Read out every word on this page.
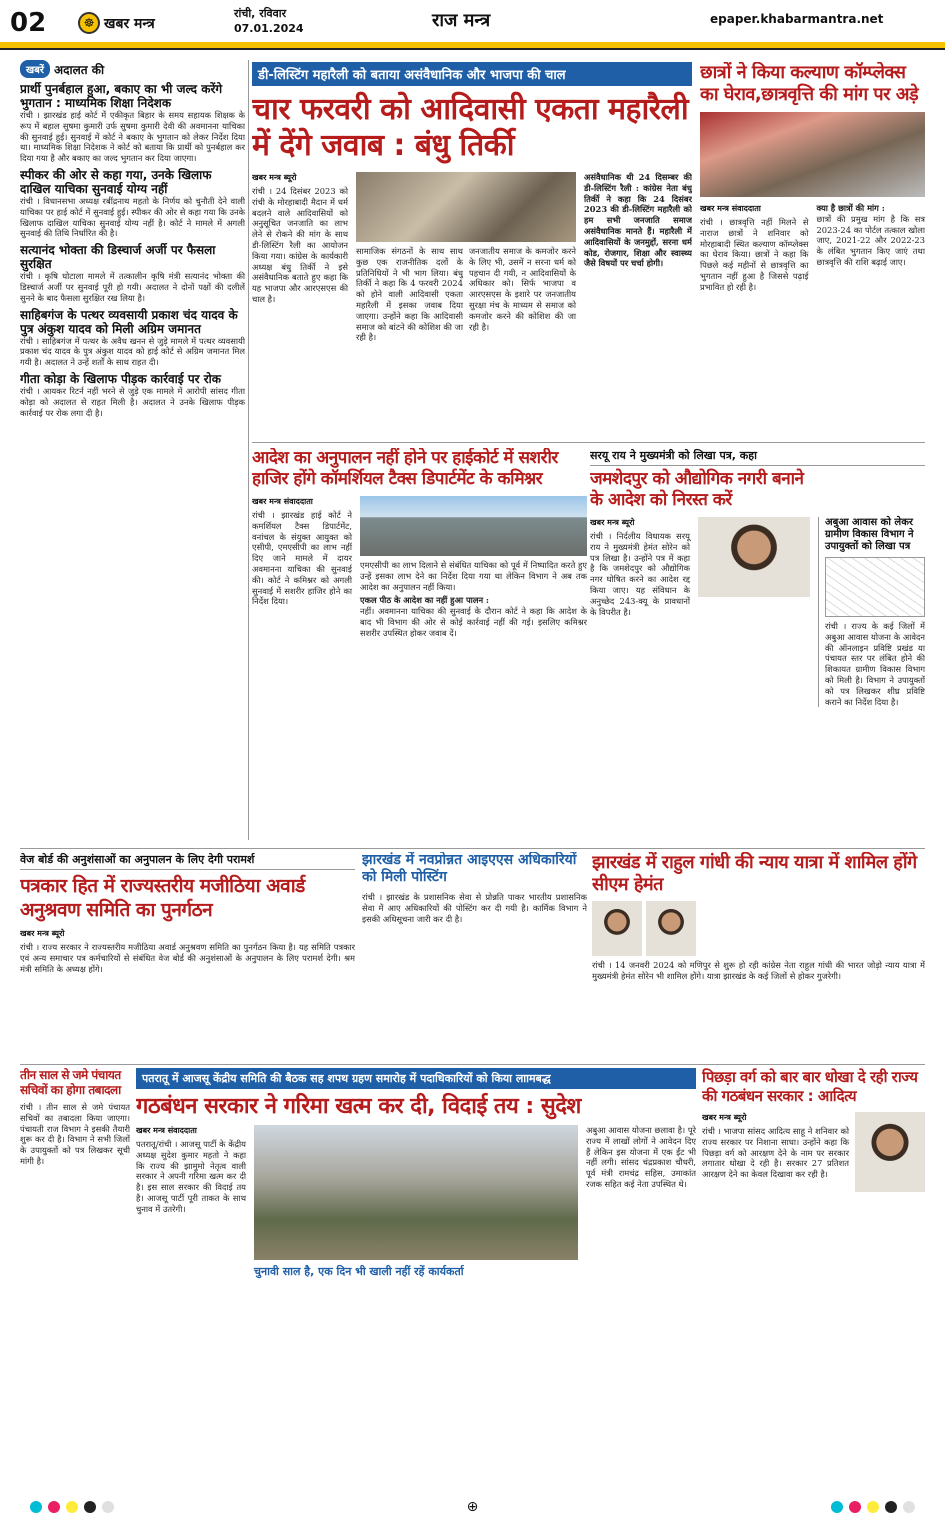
02	☸ खबर मन्त्र
रांची, रविवार
07.01.2024	राज मन्त्र	epaper.khabarmantra.net
खबरें अदालत की
प्रार्थी पुनर्बहाल हुआ, बकाए का भी जल्द करेंगे भुगतान : माध्यमिक शिक्षा निदेशक
रांची । झारखंड हाई कोर्ट में एकीकृत बिहार के समय सहायक शिक्षक के रूप में बहाल सुषमा कुमारी उर्फ सुषमा कुमारी देवी की अवमानना याचिका की सुनवाई हुई। सुनवाई में कोर्ट ने बकाए के भुगतान को लेकर निर्देश दिया था। माध्यमिक शिक्षा निदेशक ने कोर्ट को बताया कि प्रार्थी को पुनर्बहाल कर दिया गया है और बकाए का जल्द भुगतान कर दिया जाएगा।
स्पीकर की ओर से कहा गया, उनके खिलाफ दाखिल याचिका सुनवाई योग्य नहीं
रांची । विधानसभा अध्यक्ष रबींद्रनाथ महतो के निर्णय को चुनौती देने वाली याचिका पर हाई कोर्ट में सुनवाई हुई। स्पीकर की ओर से कहा गया कि उनके खिलाफ दाखिल याचिका सुनवाई योग्य नहीं है। कोर्ट ने मामले में अगली सुनवाई की तिथि निर्धारित की है।
सत्यानंद भोक्ता की डिस्चार्ज अर्जी पर फैसला सुरक्षित
रांची । कृषि घोटाला मामले में तत्कालीन कृषि मंत्री सत्यानंद भोक्ता की डिस्चार्ज अर्जी पर सुनवाई पूरी हो गयी। अदालत ने दोनों पक्षों की दलीलें सुनने के बाद फैसला सुरक्षित रख लिया है।
साहिबगंज के पत्थर व्यवसायी प्रकाश चंद यादव के पुत्र अंकुश यादव को मिली अग्रिम जमानत
रांची । साहिबगंज में पत्थर के अवैध खनन से जुड़े मामले में पत्थर व्यवसायी प्रकाश चंद यादव के पुत्र अंकुश यादव को हाई कोर्ट से अग्रिम जमानत मिल गयी है। अदालत ने उन्हें शर्तों के साथ राहत दी।
गीता कोड़ा के खिलाफ पीड़क कार्रवाई पर रोक
रांची । आयकर रिटर्न नहीं भरने से जुड़े एक मामले में आरोपी सांसद गीता कोड़ा को अदालत से राहत मिली है। अदालत ने उनके खिलाफ पीड़क कार्रवाई पर रोक लगा दी है।
डी-लिस्टिंग महारैली को बताया असंवैधानिक और भाजपा की चाल
चार फरवरी को आदिवासी एकता महारैली में देंगे जवाब : बंधु तिर्की
खबर मन्त्र ब्यूरो
रांची । 24 दिसंबर 2023 को रांची के मोरहाबादी मैदान में धर्म बदलने वाले आदिवासियों को अनुसूचित जनजाति का लाभ लेने से रोकने की मांग के साथ डी-लिस्टिंग रैली का आयोजन किया गया। कांग्रेस के कार्यकारी अध्यक्ष बंधु तिर्की ने इसे असंवैधानिक बताते हुए कहा कि यह भाजपा और आरएसएस की चाल है।
सामाजिक संगठनों के साथ साथ कुछ एक राजनीतिक दलों के प्रतिनिधियों ने भी भाग लिया। बंधु तिर्की ने कहा कि 4 फरवरी 2024 को होने वाली आदिवासी एकता महारैली में इसका जवाब दिया जाएगा। उन्होंने कहा कि आदिवासी समाज को बांटने की कोशिश की जा रही है।
जनजातीय समाज के कमजोर करने के लिए भी, उसमें न सरना धर्म को पहचान दी गयी, न आदिवासियों के अधिकार को। सिर्फ भाजपा व आरएसएस के इशारे पर जनजातीय सुरक्षा मंच के माध्यम से समाज को कमजोर करने की कोशिश की जा रही है।
असंवैधानिक थी 24 दिसम्बर की डी-लिस्टिंग रैली : कांग्रेस नेता बंधु तिर्की ने कहा कि 24 दिसंबर 2023 की डी-लिस्टिंग महारैली को हम सभी जनजाति समाज असंवैधानिक मानते हैं। महारैली में आदिवासियों के जनमुद्दों, सरना धर्म कोड, रोजगार, शिक्षा और स्वास्थ्य जैसे विषयों पर चर्चा होगी।
छात्रों ने किया कल्याण कॉम्प्लेक्स का घेराव,छात्रवृत्ति की मांग पर अड़े
खबर मन्त्र संवाददाता
रांची । छात्रवृत्ति नहीं मिलने से नाराज छात्रों ने शनिवार को मोरहाबादी स्थित कल्याण कॉम्प्लेक्स का घेराव किया। छात्रों ने कहा कि पिछले कई महीनों से छात्रवृत्ति का भुगतान नहीं हुआ है जिससे पढ़ाई प्रभावित हो रही है।
क्या है छात्रों की मांग :
छात्रों की प्रमुख मांग है कि सत्र 2023-24 का पोर्टल तत्काल खोला जाए, 2021-22 और 2022-23 के लंबित भुगतान किए जाएं तथा छात्रवृत्ति की राशि बढ़ाई जाए।
आदेश का अनुपालन नहीं होने पर हाईकोर्ट में सशरीर हाजिर होंगे कॉमर्शियल टैक्स डिपार्टमेंट के कमिश्नर
खबर मन्त्र संवाददाता
रांची । झारखंड हाई कोर्ट ने कमर्शियल टैक्स डिपार्टमेंट, वनांचल के संयुक्त आयुक्त को एसीपी, एमएसीपी का लाभ नहीं दिए जाने मामले में दायर अवमानना याचिका की सुनवाई की। कोर्ट ने कमिश्नर को अगली सुनवाई में सशरीर हाजिर होने का निर्देश दिया।
एमएसीपी का लाभ दिलाने से संबंधित याचिका को पूर्व में निष्पादित करते हुए उन्हें इसका लाभ देने का निर्देश दिया गया था लेकिन विभाग ने अब तक आदेश का अनुपालन नहीं किया।
एकल पीठ के आदेश का नहीं हुआ पालन :
नहीं। अवमानना याचिका की सुनवाई के दौरान कोर्ट ने कहा कि आदेश के बाद भी विभाग की ओर से कोई कार्रवाई नहीं की गई। इसलिए कमिश्नर सशरीर उपस्थित होकर जवाब दें।
सरयू राय ने मुख्यमंत्री को लिखा पत्र, कहा
जमशेदपुर को औद्योगिक नगरी बनाने के आदेश को निरस्त करें
खबर मन्त्र ब्यूरो
रांची । निर्दलीय विधायक सरयू राय ने मुख्यमंत्री हेमंत सोरेन को पत्र लिखा है। उन्होंने पत्र में कहा है कि जमशेदपुर को औद्योगिक नगर घोषित करने का आदेश रद्द किया जाए। यह संविधान के अनुच्छेद 243-क्यू के प्रावधानों के विपरीत है।
अबुआ आवास को लेकर ग्रामीण विकास विभाग ने उपायुक्तों को लिखा पत्र
रांची । राज्य के कई जिलों में अबुआ आवास योजना के आवेदन की ऑनलाइन प्रविष्टि प्रखंड या पंचायत स्तर पर लंबित होने की शिकायत ग्रामीण विकास विभाग को मिली है। विभाग ने उपायुक्तों को पत्र लिखकर शीघ्र प्रविष्टि कराने का निर्देश दिया है।
वेज बोर्ड की अनुशंसाओं का अनुपालन के लिए देगी परामर्श
पत्रकार हित में राज्यस्तरीय मजीठिया अवार्ड अनुश्रवण समिति का पुनर्गठन
खबर मन्त्र ब्यूरो
रांची । राज्य सरकार ने राज्यस्तरीय मजीठिया अवार्ड अनुश्रवण समिति का पुनर्गठन किया है। यह समिति पत्रकार एवं अन्य समाचार पत्र कर्मचारियों से संबंधित वेज बोर्ड की अनुशंसाओं के अनुपालन के लिए परामर्श देगी। श्रम मंत्री समिति के अध्यक्ष होंगे।
झारखंड में नवप्रोन्नत आइएएस अधिकारियों को मिली पोस्टिंग
रांची । झारखंड के प्रशासनिक सेवा से प्रोन्नति पाकर भारतीय प्रशासनिक सेवा में आए अधिकारियों की पोस्टिंग कर दी गयी है। कार्मिक विभाग ने इसकी अधिसूचना जारी कर दी है।
झारखंड में राहुल गांधी की न्याय यात्रा में शामिल होंगे सीएम हेमंत
रांची । 14 जनवरी 2024 को मणिपुर से शुरू हो रही कांग्रेस नेता राहुल गांधी की भारत जोड़ो न्याय यात्रा में मुख्यमंत्री हेमंत सोरेन भी शामिल होंगे। यात्रा झारखंड के कई जिलों से होकर गुजरेगी।
तीन साल से जमे पंचायत सचिवों का होगा तबादला
रांची । तीन साल से जमे पंचायत सचिवों का तबादला किया जाएगा। पंचायती राज विभाग ने इसकी तैयारी शुरू कर दी है। विभाग ने सभी जिलों के उपायुक्तों को पत्र लिखकर सूची मांगी है।
पतरातू में आजसू केंद्रीय समिति की बैठक सह शपथ ग्रहण समारोह में पदाधिकारियों को किया लाामबद्ध
गठबंधन सरकार ने गरिमा खत्म कर दी, विदाई तय : सुदेश
खबर मन्त्र संवाददाता
पतरातू/रांची । आजसू पार्टी के केंद्रीय अध्यक्ष सुदेश कुमार महतो ने कहा कि राज्य की झामुमो नेतृत्व वाली सरकार ने अपनी गरिमा खत्म कर दी है। इस साल सरकार की विदाई तय है। आजसू पार्टी पूरी ताकत के साथ चुनाव में उतरेगी।
चुनावी साल है, एक दिन भी खाली नहीं रहें कार्यकर्ता
अबुआ आवास योजना छलावा है। पूरे राज्य में लाखों लोगों ने आवेदन दिए हैं लेकिन इस योजना में एक ईंट भी नहीं लगी। सांसद चंद्रप्रकाश चौधरी, पूर्व मंत्री रामचंद्र सहिस, उमाकांत रजक सहित कई नेता उपस्थित थे।
पिछड़ा वर्ग को बार बार धोखा दे रही राज्य की गठबंधन सरकार : आदित्य
खबर मन्त्र ब्यूरो
रांची । भाजपा सांसद आदित्य साहू ने शनिवार को राज्य सरकार पर निशाना साधा। उन्होंने कहा कि पिछड़ा वर्ग को आरक्षण देने के नाम पर सरकार लगातार धोखा दे रही है। सरकार 27 प्रतिशत आरक्षण देने का केवल दिखावा कर रही है।
⊕
